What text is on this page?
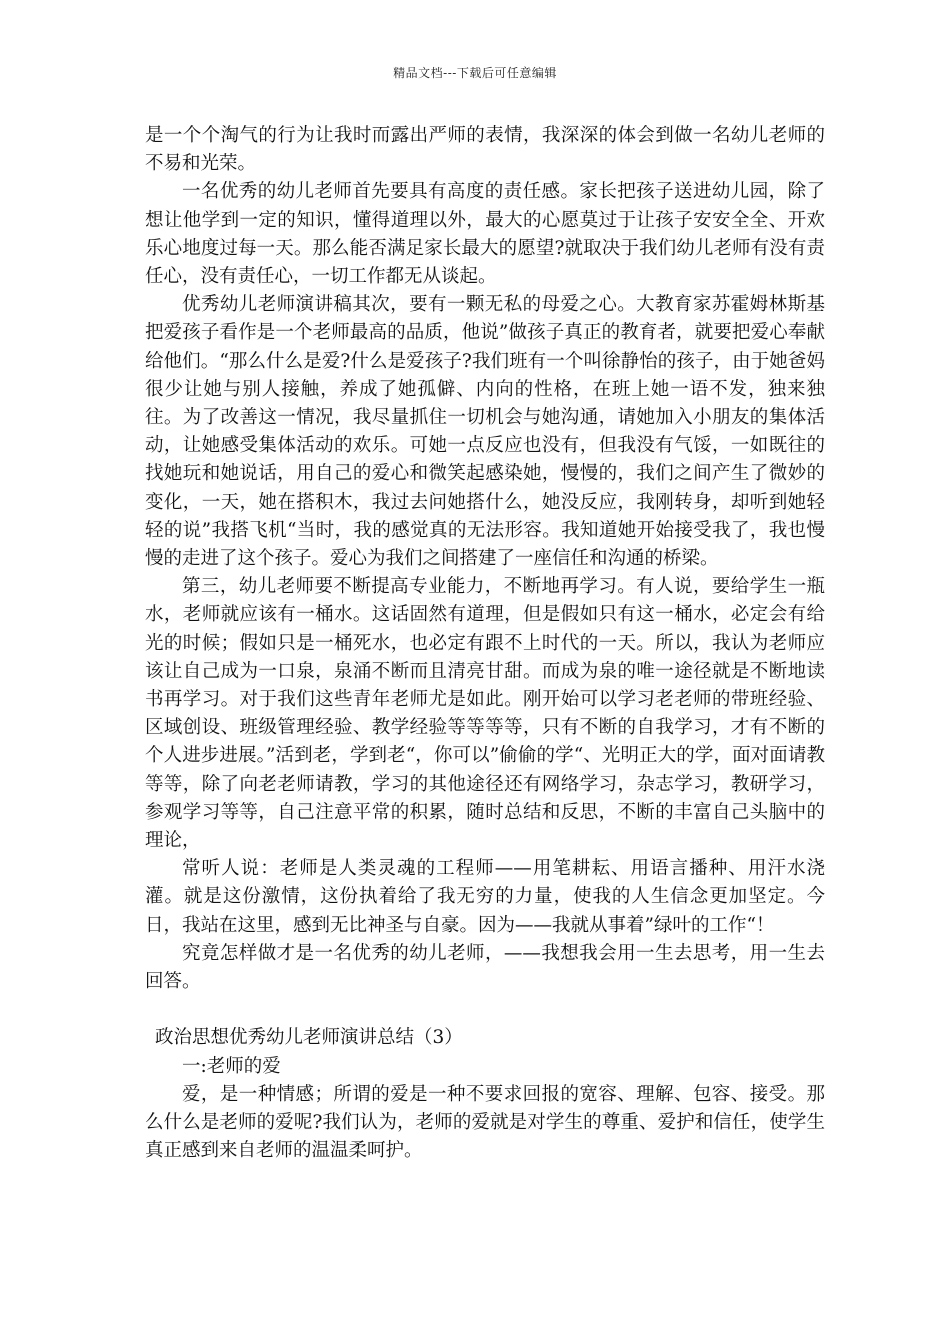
精品文档---下载后可任意编辑

是一个个淘气的行为让我时而露出严师的表情，我深深的体会到做一名幼儿老师的不易和光荣。

一名优秀的幼儿老师首先要具有高度的责任感。家长把孩子送进幼儿园，除了想让他学到一定的知识，懂得道理以外，最大的心愿莫过于让孩子安安全全、开欢乐心地度过每一天。那么能否满足家长最大的愿望?就取决于我们幼儿老师有没有责任心，没有责任心，一切工作都无从谈起。

优秀幼儿老师演讲稿其次，要有一颗无私的母爱之心。大教育家苏霍姆林斯基把爱孩子看作是一个老师最高的品质，他说”做孩子真正的教育者，就要把爱心奉献给他们。“那么什么是爱?什么是爱孩子?我们班有一个叫徐静怡的孩子，由于她爸妈很少让她与别人接触，养成了她孤僻、内向的性格，在班上她一语不发，独来独往。为了改善这一情况，我尽量抓住一切机会与她沟通，请她加入小朋友的集体活动，让她感受集体活动的欢乐。可她一点反应也没有，但我没有气馁，一如既往的找她玩和她说话，用自己的爱心和微笑起感染她，慢慢的，我们之间产生了微妙的变化，一天，她在搭积木，我过去问她搭什么，她没反应，我刚转身，却听到她轻轻的说”我搭飞机“当时，我的感觉真的无法形容。我知道她开始接受我了，我也慢慢的走进了这个孩子。爱心为我们之间搭建了一座信任和沟通的桥梁。

第三，幼儿老师要不断提高专业能力，不断地再学习。有人说，要给学生一瓶水，老师就应该有一桶水。这话固然有道理，但是假如只有这一桶水，必定会有给光的时候；假如只是一桶死水，也必定有跟不上时代的一天。所以，我认为老师应该让自己成为一口泉，泉涌不断而且清亮甘甜。而成为泉的唯一途径就是不断地读书再学习。对于我们这些青年老师尤是如此。刚开始可以学习老老师的带班经验、区域创设、班级管理经验、教学经验等等等等，只有不断的自我学习，才有不断的个人进步进展。”活到老，学到老“，你可以”偷偷的学“、光明正大的学，面对面请教等等，除了向老老师请教，学习的其他途径还有网络学习，杂志学习，教研学习，参观学习等等，自己注意平常的积累，随时总结和反思，不断的丰富自己头脑中的理论，

常听人说：老师是人类灵魂的工程师——用笔耕耘、用语言播种、用汗水浇灌。就是这份激情，这份执着给了我无穷的力量，使我的人生信念更加坚定。今日，我站在这里，感到无比神圣与自豪。因为——我就从事着”绿叶的工作“！

究竟怎样做才是一名优秀的幼儿老师，——我想我会用一生去思考，用一生去回答。

政治思想优秀幼儿老师演讲总结（3）

一:老师的爱

爱，是一种情感；所谓的爱是一种不要求回报的宽容、理解、包容、接受。那么什么是老师的爱呢?我们认为，老师的爱就是对学生的尊重、爱护和信任，使学生真正感到来自老师的温温柔呵护。
